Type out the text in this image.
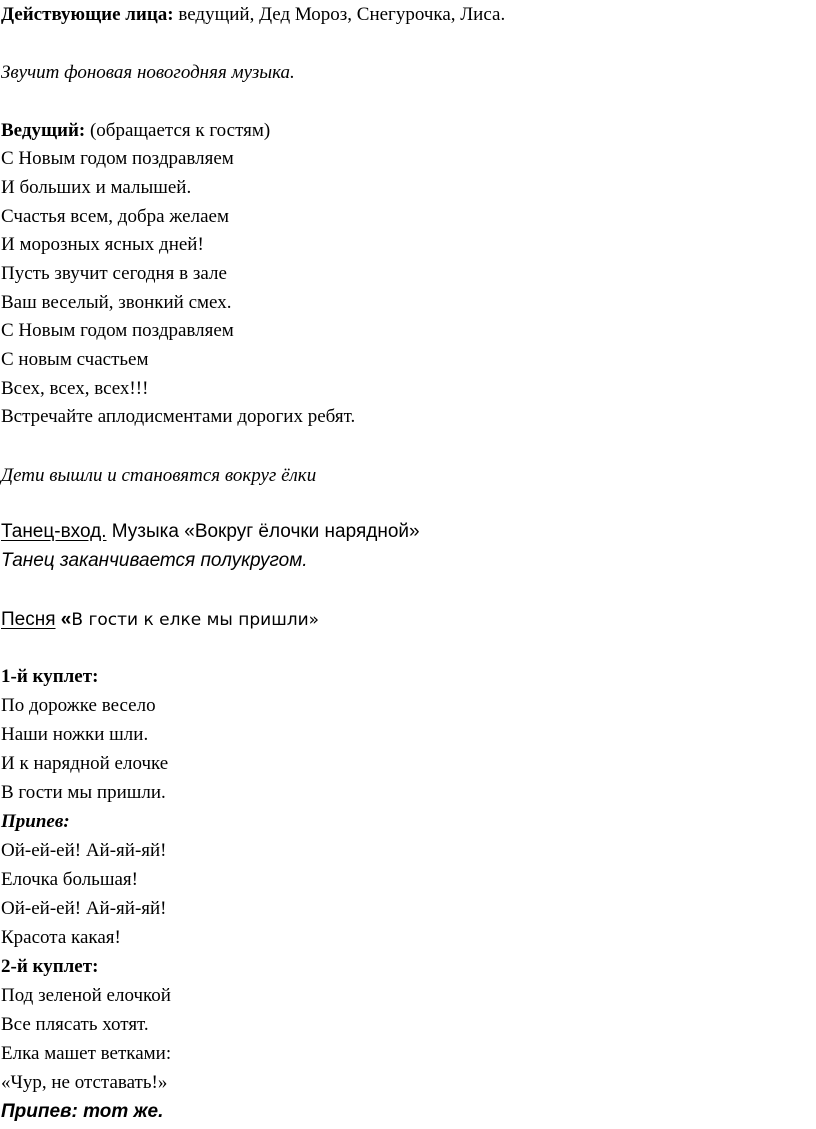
Действующие лица: ведущий, Дед Мороз, Снегурочка, Лиса.
Звучит фоновая новогодняя музыка.
Ведущий: (обращается к гостям)
С Новым годом поздравляем
И больших и малышей.
Счастья всем, добра желаем
И морозных ясных дней!
Пусть звучит сегодня в зале
Ваш веселый, звонкий смех.
С Новым годом поздравляем
С новым счастьем
Всех, всех, всех!!!
Встречайте аплодисментами дорогих ребят.
Дети вышли и становятся вокруг ёлки
Танец-вход. Музыка «Вокруг ёлочки нарядной»
Танец заканчивается полукругом.
Песня «В гости к елке мы пришли»
1-й куплет:
По дорожке весело
Наши ножки шли.
И к нарядной елочке
В гости мы пришли.
Припев:
Ой-ей-ей! Ай-яй-яй!
Елочка большая!
Ой-ей-ей! Ай-яй-яй!
Красота какая!
2-й куплет:
Под зеленой елочкой
Все плясать хотят.
Елка машет ветками:
«Чур, не отставать!»
Припев: тот же.
